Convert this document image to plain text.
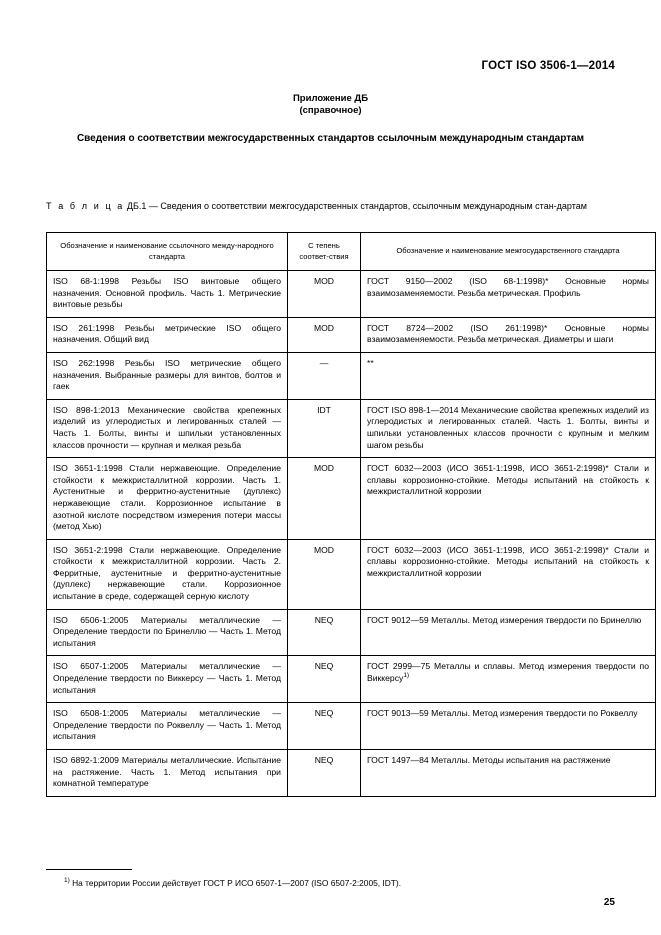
ГОСТ ISO 3506-1—2014
Приложение ДБ
(справочное)
Сведения о соответствии межгосударственных стандартов ссылочным международным стандартам
Т а б л и ц а ДБ.1 — Сведения о соответствии межгосударственных стандартов, ссылочным международным стан-дартам
Обозначение и наименование ссылочного между-народного стандарта	С тепень соответ-ствия	Обозначение и наименование межгосударственного стандарта
ISO 68-1:1998 Резьбы ISO винтовые общего назначения. Основной профиль. Часть 1. Метрические винтовые резьбы	MOD	ГОСТ 9150—2002 (ISO 68-1:1998)* Основные нормы взаимозаменяемости. Резьба метрическая. Профиль
ISO 261:1998 Резьбы метрические ISO общего назначения. Общий вид	MOD	ГОСТ 8724—2002 (ISO 261:1998)* Основные нормы взаимозаменяемости. Резьба метрическая. Диаметры и шаги
ISO 262:1998 Резьбы ISO метрические общего назначения. Выбранные размеры для винтов, болтов и гаек	—	**
ISO 898-1:2013 Механические свойства крепежных изделий из углеродистых и легированных сталей — Часть 1. Болты, винты и шпильки установленных классов прочности — крупная и мелкая резьба	IDT	ГОСТ ISO 898-1—2014 Механические свойства крепежных изделий из углеродистых и легированных сталей. Часть 1. Болты, винты и шпильки установленных классов прочности с крупным и мелким шагом резьбы
ISO 3651-1:1998 Стали нержавеющие. Определение стойкости к межкристаллитной коррозии. Часть 1. Аустенитные и ферритно-аустенитные (дуплекс) нержавеющие стали. Коррозионное испытание в азотной кислоте посредством измерения потери массы (метод Хью)	MOD	ГОСТ 6032—2003 (ИСО 3651-1:1998, ИСО 3651-2:1998)* Стали и сплавы коррозионно-стойкие. Методы испытаний на стойкость к межкристаллитной коррозии
ISO 3651-2:1998 Стали нержавеющие. Определение стойкости к межкристаллитной коррозии. Часть 2. Ферритные, аустенитные и ферритно-аустенитные (дуплекс) нержавеющие стали. Коррозионное испытание в среде, содержащей серную кислоту	MOD	ГОСТ 6032—2003 (ИСО 3651-1:1998, ИСО 3651-2:1998)* Стали и сплавы коррозионно-стойкие. Методы испытаний на стойкость к межкристаллитной коррозии
ISO 6506-1:2005 Материалы металлические — Определение твердости по Бринеллю — Часть 1. Метод испытания	NEQ	ГОСТ 9012—59 Металлы. Метод измерения твердости по Бринеллю
ISO 6507-1:2005 Материалы металлические — Определение твердости по Виккерсу — Часть 1. Метод испытания	NEQ	ГОСТ 2999—75 Металлы и сплавы. Метод измерения твердости по Виккерсу$^{1)}$
ISO 6508-1:2005 Материалы металлические — Определение твердости по Роквеллу — Часть 1. Метод испытания	NEQ	ГОСТ 9013—59 Металлы. Метод измерения твердости по Роквеллу
ISO 6892-1:2009 Материалы металлические. Испытание на растяжение. Часть 1. Метод испытания при комнатной температуре	NEQ	ГОСТ 1497—84 Металлы. Методы испытания на растяжение
$^{1)}$ На территории России действует ГОСТ Р ИСО 6507-1—2007 (ISO 6507-2:2005, IDT).
25
